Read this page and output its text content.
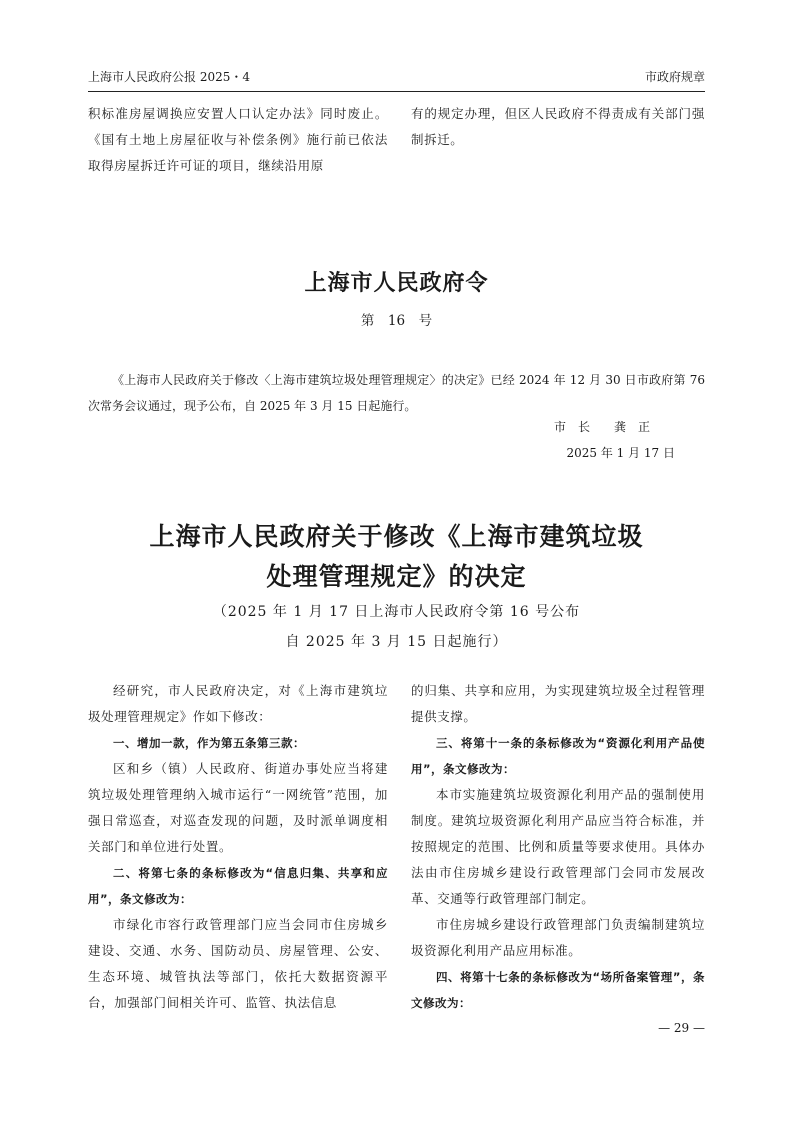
上海市人民政府公报 2025・4	市政府规章

积标准房屋调换应安置人口认定办法》同时废止。《国有土地上房屋征收与补偿条例》施行前已依法取得房屋拆迁许可证的项目，继续沿用原

有的规定办理，但区人民政府不得责成有关部门强制拆迁。

上海市人民政府令
第　16　号

《上海市人民政府关于修改〈上海市建筑垃圾处理管理规定〉的决定》已经 2024 年 12 月 30 日市政府第 76 次常务会议通过，现予公布，自 2025 年 3 月 15 日起施行。

市　长　　龚　正
2025 年 1 月 17 日
上海市人民政府关于修改《上海市建筑垃圾
处理管理规定》的决定
（2025 年 1 月 17 日上海市人民政府令第 16 号公布
自 2025 年 3 月 15 日起施行）

经研究，市人民政府决定，对《上海市建筑垃圾处理管理规定》作如下修改：

一、增加一款，作为第五条第三款：

区和乡（镇）人民政府、街道办事处应当将建筑垃圾处理管理纳入城市运行“一网统管”范围，加强日常巡查，对巡查发现的问题，及时派单调度相关部门和单位进行处置。

二、将第七条的条标修改为“信息归集、共享和应用”，条文修改为：

市绿化市容行政管理部门应当会同市住房城乡建设、交通、水务、国防动员、房屋管理、公安、生态环境、城管执法等部门，依托大数据资源平台，加强部门间相关许可、监管、执法信息

的归集、共享和应用，为实现建筑垃圾全过程管理提供支撑。

三、将第十一条的条标修改为“资源化利用产品使用”，条文修改为：

本市实施建筑垃圾资源化利用产品的强制使用制度。建筑垃圾资源化利用产品应当符合标准，并按照规定的范围、比例和质量等要求使用。具体办法由市住房城乡建设行政管理部门会同市发展改革、交通等行政管理部门制定。

市住房城乡建设行政管理部门负责编制建筑垃圾资源化利用产品应用标准。

四、将第十七条的条标修改为“场所备案管理”，条文修改为：

— 29 —
